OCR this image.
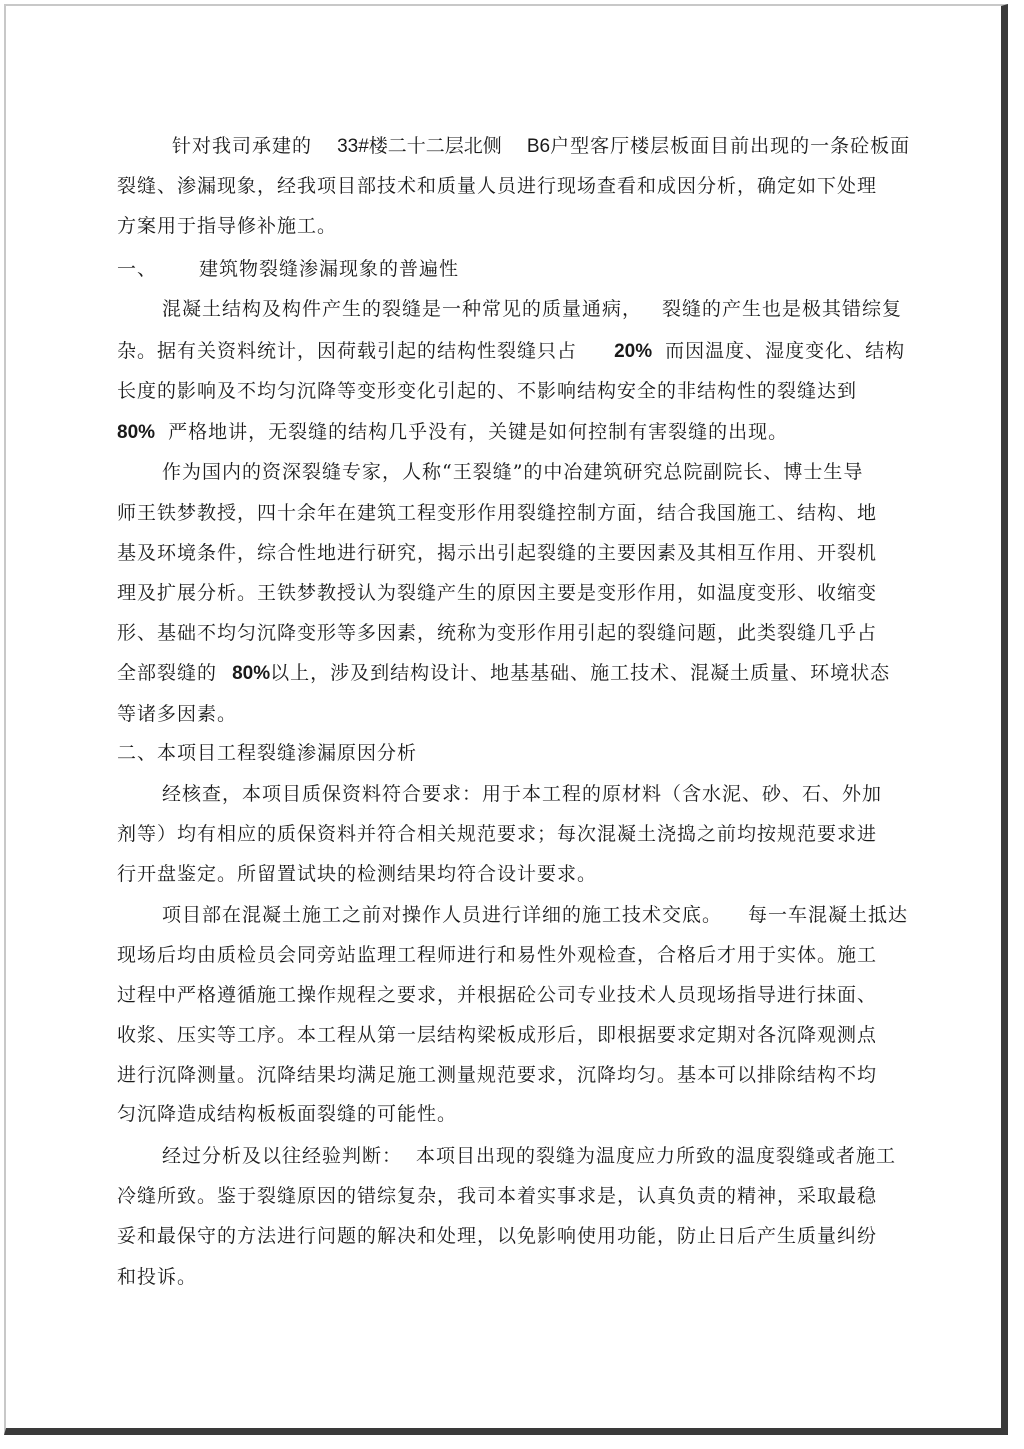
针对我司承建的 33#楼二十二层北侧 B6户型客厅楼层板面目前出现的一条砼板面
裂缝、渗漏现象，经我项目部技术和质量人员进行现场查看和成因分析，确定如下处理
方案用于指导修补施工。
一、 建筑物裂缝渗漏现象的普遍性
混凝土结构及构件产生的裂缝是一种常见的质量通病， 裂缝的产生也是极其错综复
杂。据有关资料统计，因荷载引起的结构性裂缝只占 20% 而因温度、湿度变化、结构
长度的影响及不均匀沉降等变形变化引起的、不影响结构安全的非结构性的裂缝达到
80% 严格地讲，无裂缝的结构几乎没有，关键是如何控制有害裂缝的出现。
作为国内的资深裂缝专家，人称“王裂缝”的中冶建筑研究总院副院长、博士生导
师王铁梦教授，四十余年在建筑工程变形作用裂缝控制方面，结合我国施工、结构、地
基及环境条件，综合性地进行研究，揭示出引起裂缝的主要因素及其相互作用、开裂机
理及扩展分析。王铁梦教授认为裂缝产生的原因主要是变形作用，如温度变形、收缩变
形、基础不均匀沉降变形等多因素，统称为变形作用引起的裂缝问题，此类裂缝几乎占
全部裂缝的 80%以上，涉及到结构设计、地基基础、施工技术、混凝土质量、环境状态
等诸多因素。
二、本项目工程裂缝渗漏原因分析
经核查，本项目质保资料符合要求：用于本工程的原材料（含水泥、砂、石、外加
剂等）均有相应的质保资料并符合相关规范要求；每次混凝土浇捣之前均按规范要求进
行开盘鉴定。所留置试块的检测结果均符合设计要求。
项目部在混凝土施工之前对操作人员进行详细的施工技术交底。 每一车混凝土抵达
现场后均由质检员会同旁站监理工程师进行和易性外观检查，合格后才用于实体。施工
过程中严格遵循施工操作规程之要求，并根据砼公司专业技术人员现场指导进行抹面、
收浆、压实等工序。本工程从第一层结构梁板成形后，即根据要求定期对各沉降观测点
进行沉降测量。沉降结果均满足施工测量规范要求，沉降均匀。基本可以排除结构不均
匀沉降造成结构板板面裂缝的可能性。
经过分析及以往经验判断： 本项目出现的裂缝为温度应力所致的温度裂缝或者施工
冷缝所致。鉴于裂缝原因的错综复杂，我司本着实事求是，认真负责的精神，采取最稳
妥和最保守的方法进行问题的解决和处理，以免影响使用功能，防止日后产生质量纠纷
和投诉。
